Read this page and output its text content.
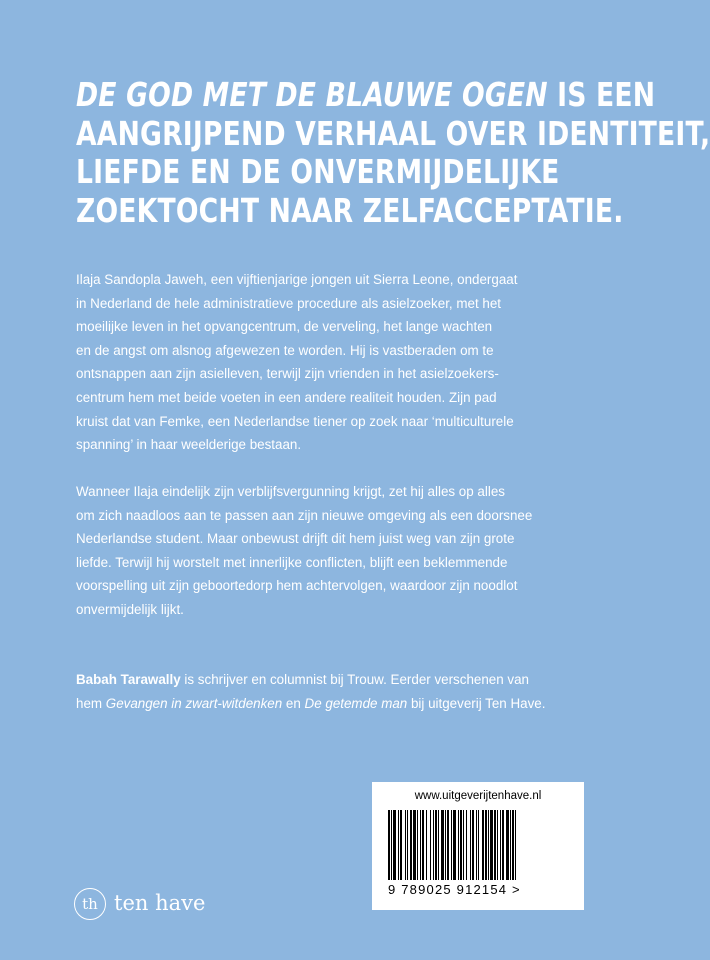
DE GOD MET DE BLAUWE OGEN IS EEN
AANGRIJPEND VERHAAL OVER IDENTITEIT,
LIEFDE EN DE ONVERMIJDELIJKE
ZOEKTOCHT NAAR ZELFACCEPTATIE.
Ilaja Sandopla Jaweh, een vijftienjarige jongen uit Sierra Leone, ondergaat
in Nederland de hele administratieve procedure als asielzoeker, met het
moeilijke leven in het opvangcentrum, de verveling, het lange wachten
en de angst om alsnog afgewezen te worden. Hij is vastberaden om te
ontsnappen aan zijn asielleven, terwijl zijn vrienden in het asielzoekers-
centrum hem met beide voeten in een andere realiteit houden. Zijn pad
kruist dat van Femke, een Nederlandse tiener op zoek naar ‘multiculturele
spanning’ in haar weelderige bestaan.
Wanneer Ilaja eindelijk zijn verblijfsvergunning krijgt, zet hij alles op alles
om zich naadloos aan te passen aan zijn nieuwe omgeving als een doorsnee
Nederlandse student. Maar onbewust drijft dit hem juist weg van zijn grote
liefde. Terwijl hij worstelt met innerlijke conflicten, blijft een beklemmende
voorspelling uit zijn geboortedorp hem achtervolgen, waardoor zijn noodlot
onvermijdelijk lijkt.
Babah Tarawally is schrijver en columnist bij Trouw. Eerder verschenen van
hem Gevangen in zwart-witdenken en De getemde man bij uitgeverij Ten Have.
www.uitgeverijtenhave.nl
9 789025 912154 >
th ten have
